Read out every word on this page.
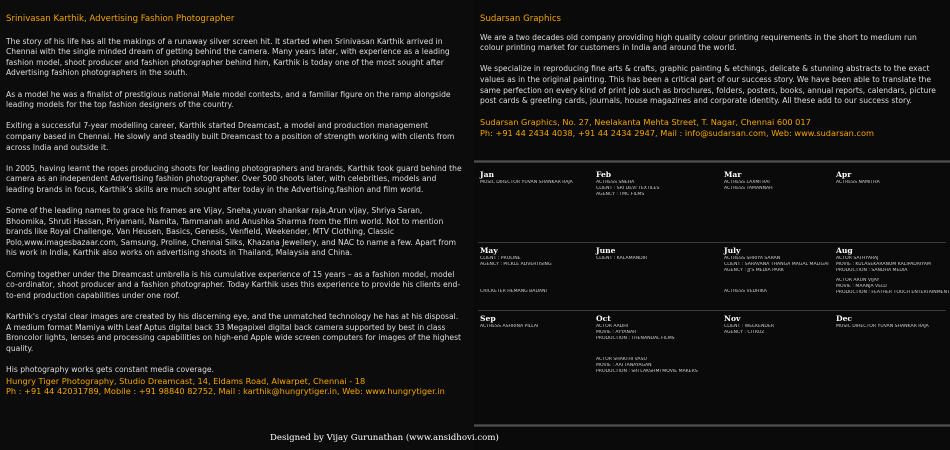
Srinivasan Karthik, Advertising Fashion Photographer

The story of his life has all the makings of a runaway silver screen hit. It started when Srinivasan Karthik arrived in Chennai with the single minded dream of getting behind the camera. Many years later, with experience as a leading fashion model, shoot producer and fashion photographer behind him, Karthik is today one of the most sought after Advertising fashion photographers in the south.

As a model he was a finalist of prestigious national Male model contests, and a familiar figure on the ramp alongside leading models for the top fashion designers of the country.

Exiting a successful 7-year modelling career, Karthik started Dreamcast, a model and production management company based in Chennai. He slowly and steadily built Dreamcast to a position of strength working with clients from across India and outside it.

In 2005, having learnt the ropes producing shoots for leading photographers and brands, Karthik took guard behind the camera as an independent Advertising fashion photographer. Over 500 shoots later, with celebrities, models and leading brands in focus, Karthik's skills are much sought after today in the Advertising,fashion and film world.

Some of the leading names to grace his frames are Vijay, Sneha,yuvan shankar raja,Arun vijay, Shriya Saran, Bhoomika, Shruti Hassan, Priyamani, Namita, Tammanah and Anushka Sharma from the film world. Not to mention brands like Royal Challenge, Van Heusen, Basics, Genesis, Venfield, Weekender, MTV Clothing, Classic Polo,www.imagesbazaar.com, Samsung, Proline, Chennai Silks, Khazana Jewellery, and NAC to name a few. Apart from his work in India, Karthik also works on advertising shoots in Thailand, Malaysia and China.

Coming together under the Dreamcast umbrella is his cumulative experience of 15 years – as a fashion model, model co-ordinator, shoot producer and a fashion photographer. Today Karthik uses this experience to provide his clients end-to-end production capabilities under one roof.

Karthik's crystal clear images are created by his discerning eye, and the unmatched technology he has at his disposal. A medium format Mamiya with Leaf Aptus digital back 33 Megapixel digital back camera supported by best in class Broncolor lights, lenses and processing capabilities on high-end Apple wide screen computers for images of the highest quality.

His photography works gets constant media coverage.

Hungry Tiger Photography, Studio Dreamcast, 14, Eldams Road, Alwarpet, Chennai - 18

Ph : +91 44 42031789, Mobile : +91 98840 82752, Mail : karthik@hungrytiger.in, Web: www.hungrytiger.in

Sudarsan Graphics

We are a two decades old company providing high quality colour printing requirements in the short to medium run colour printing market for customers in India and around the world.

We specialize in reproducing fine arts & crafts, graphic painting & etchings, delicate & stunning abstracts to the exact values as in the original painting. This has been a critical part of our success story. We have been able to translate the same perfection on every kind of print job such as brochures, folders, posters, books, annual reports, calendars, picture post cards & greeting cards, journals, house magazines and corporate identity. All these add to our success story.

Sudarsan Graphics, No. 27, Neelakanta Mehta Street, T. Nagar, Chennai 600 017

Ph: +91 44 2434 4038, +91 44 2434 2947, Mail : info@sudarsan.com, Web: www.sudarsan.com

Jan
MUSIC DIRECTOR YUVAN SHANKAR RAJA
Feb
ACTRESS SNEHA
CLIENT : SRI DEVI TEXTILES
AGENCY : TMC FILMS
Mar
ACTRESS LAXMI RAI
ACTRESS TAMANNAH
Apr
ACTRESS NAMITHA
May
CLIENT : PROLINE
AGENCY : PICKLE ADVERTISING
CRICKETER HEMANG BADANI
June
CLIENT : KALAMANDIR
July
ACTRESS SHRIYA SARAN
CLIENT : SARAVANA THANGA MAGAL MALIGAI
AGENCY : JJ'S MEDIA PARK
ACTRESS VEDHIKA
Aug
ACTOR SATHYARAJ
MOVIE : KULASEKARANUM KALIPADAIYAM
PRODUCTION : SANDHA MEDIA
ACTOR ARUN VIJAY
MOVIE : MAANJA VELU
PRODUCTION : FEATHER TOUCH ENTERTAINMENT
Sep
ACTRESS ASHRINA PILLAI
Oct
ACTOR AADHI
MOVIE : AYYANAR
PRODUCTION : THENANDAL FILMS
ACTOR SHAKTHI VASU
MOVIE : AATTANAYAGAN
PRODUCTION : SRI LAKSHMI MOVIE MAKERS
Nov
CLIENT : WEEKENDER
AGENCY : CITRUZ
Dec
MUSIC DIRECTOR YUVAN SHANKAR RAJA
Designed by Vijay Gurunathan (www.ansidhovi.com)
